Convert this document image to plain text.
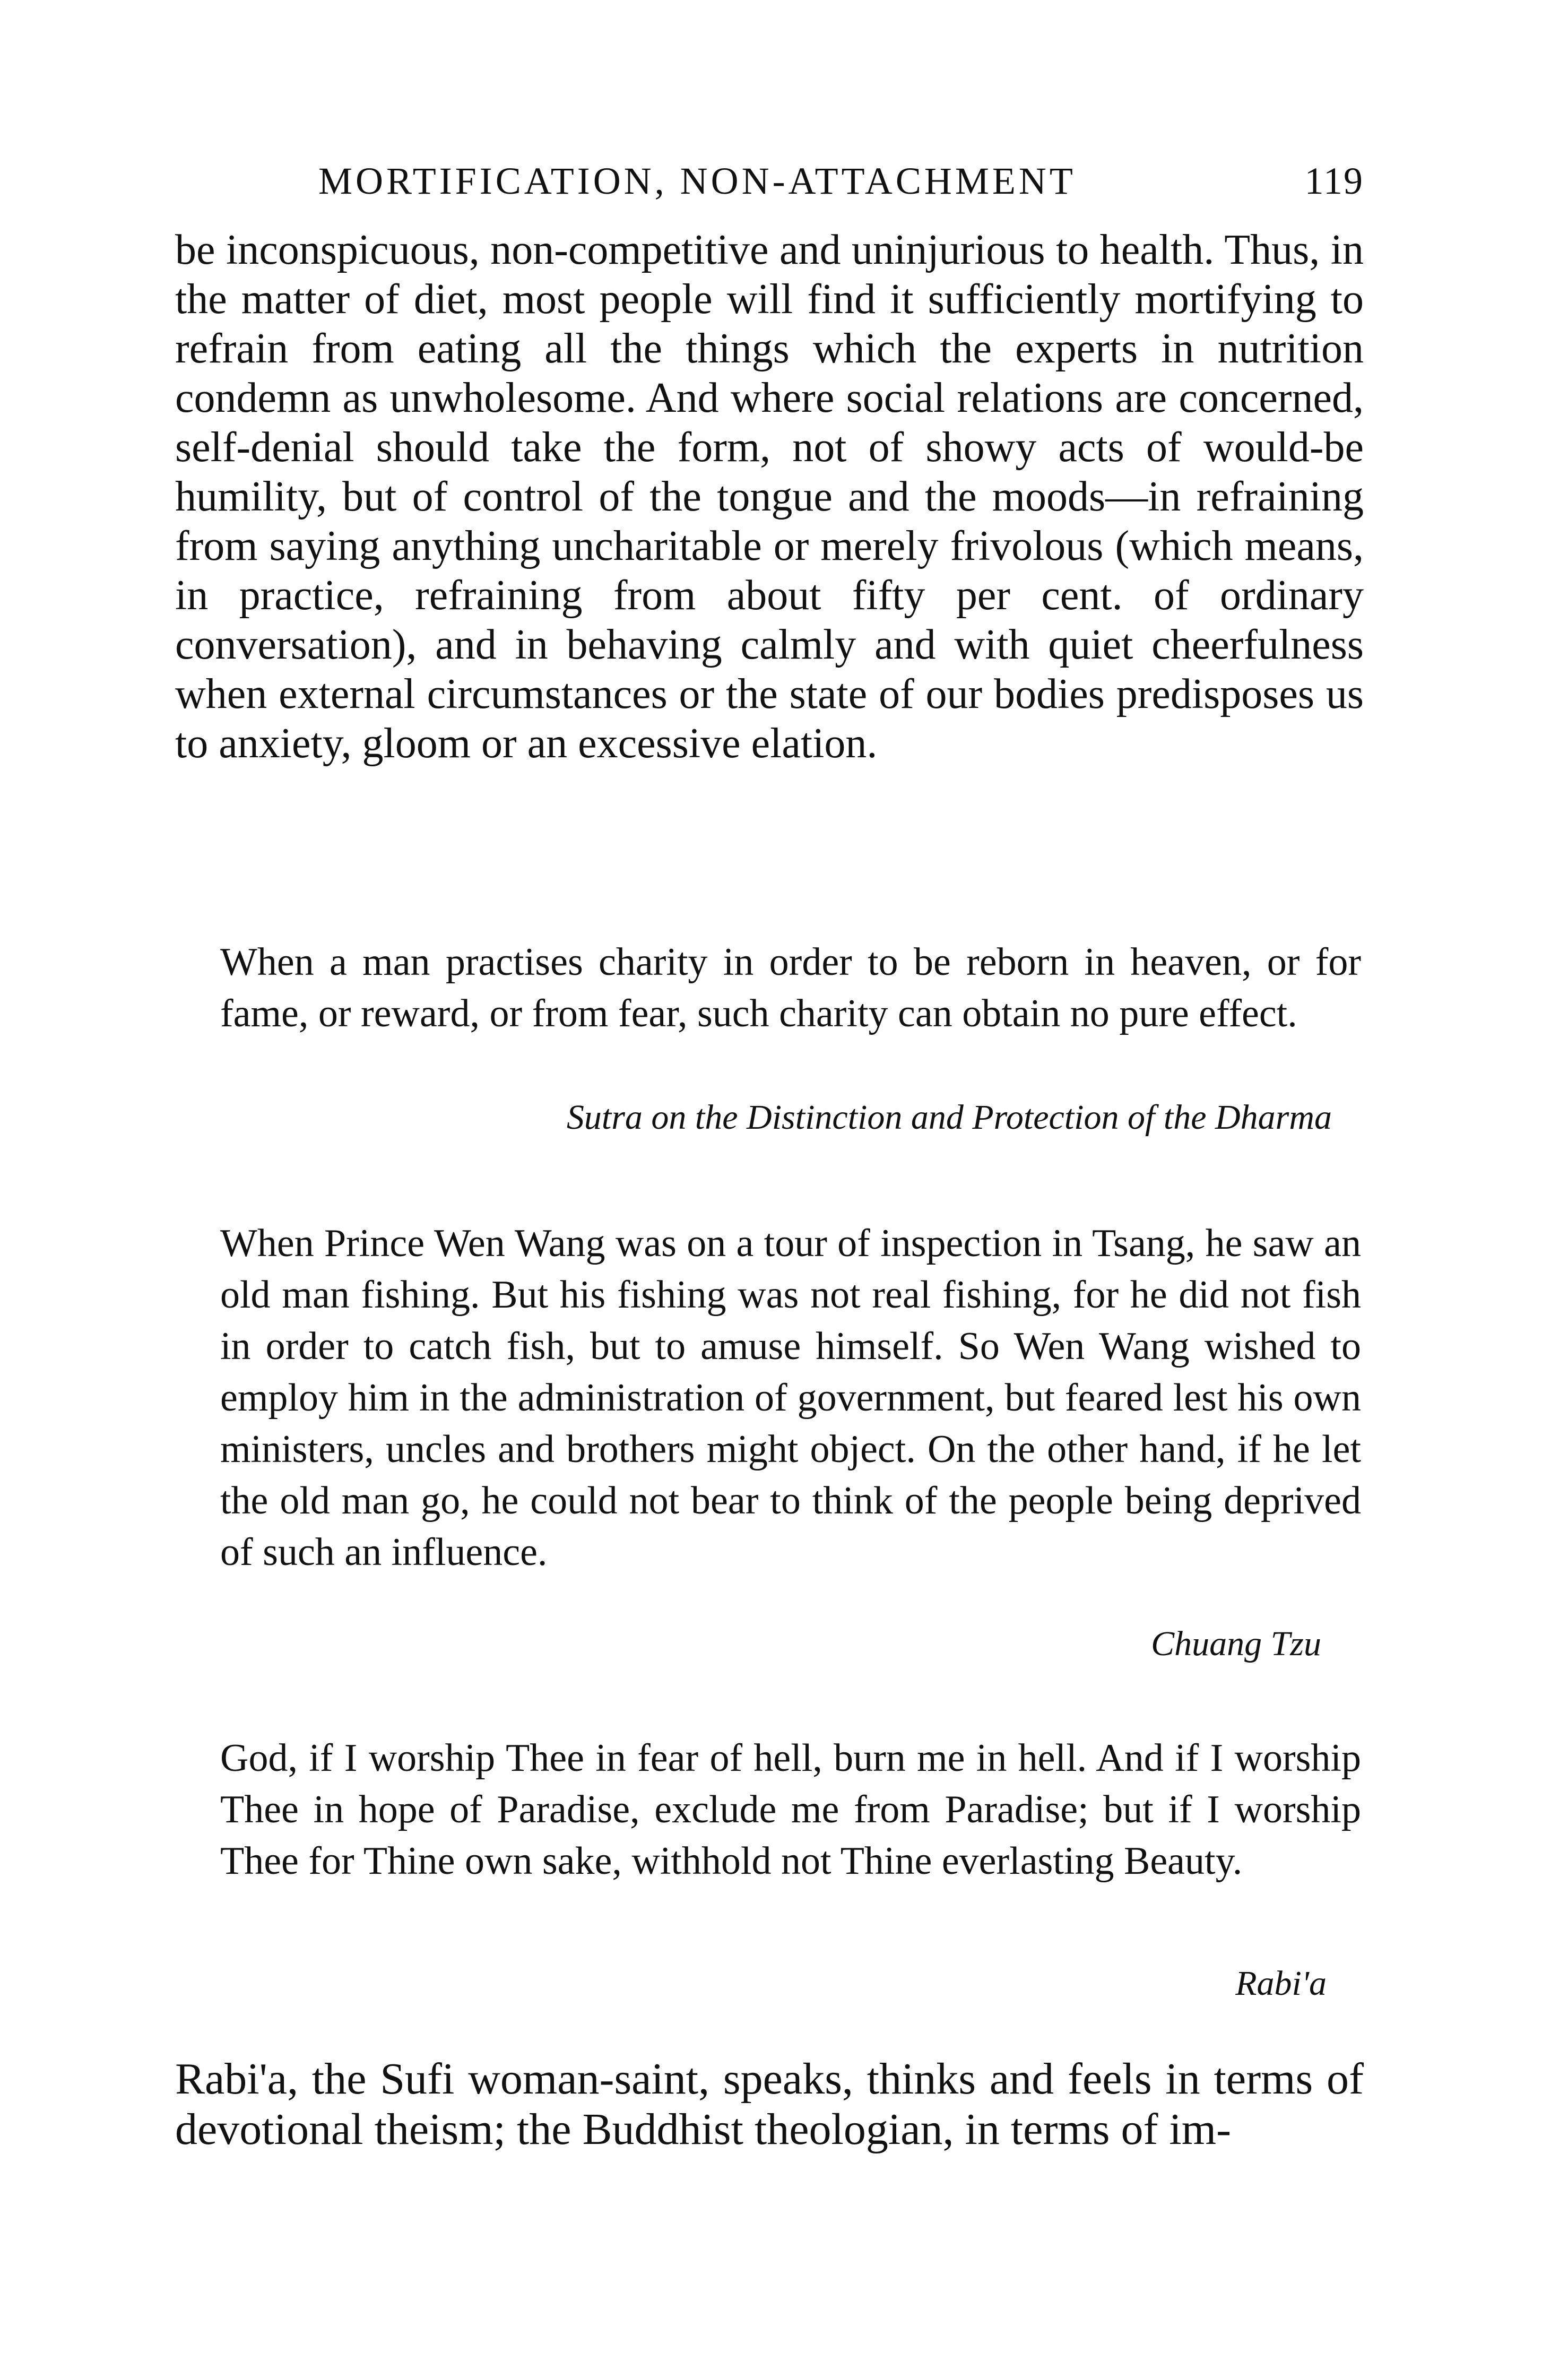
MORTIFICATION, NON-ATTACHMENT	119
be inconspicuous, non-competitive and uninjurious to health. Thus, in the matter of diet, most people will find it sufficiently mortifying to refrain from eating all the things which the experts in nutrition condemn as unwholesome. And where social relations are concerned, self-denial should take the form, not of showy acts of would-be humility, but of control of the tongue and the moods—in refraining from saying anything uncharitable or merely frivolous (which means, in practice, refraining from about fifty per cent. of ordinary conversation), and in behaving calmly and with quiet cheerfulness when external circumstances or the state of our bodies predisposes us to anxiety, gloom or an excessive elation.
When a man practises charity in order to be reborn in heaven, or for fame, or reward, or from fear, such charity can obtain no pure effect.
Sutra on the Distinction and Protection of the Dharma
When Prince Wen Wang was on a tour of inspection in Tsang, he saw an old man fishing. But his fishing was not real fishing, for he did not fish in order to catch fish, but to amuse himself. So Wen Wang wished to employ him in the administration of government, but feared lest his own ministers, uncles and brothers might object. On the other hand, if he let the old man go, he could not bear to think of the people being deprived of such an influence.
Chuang Tzu
God, if I worship Thee in fear of hell, burn me in hell. And if I worship Thee in hope of Paradise, exclude me from Paradise; but if I worship Thee for Thine own sake, withhold not Thine everlasting Beauty.
Rabi'a
Rabi'a, the Sufi woman-saint, speaks, thinks and feels in terms of devotional theism; the Buddhist theologian, in terms of im-
